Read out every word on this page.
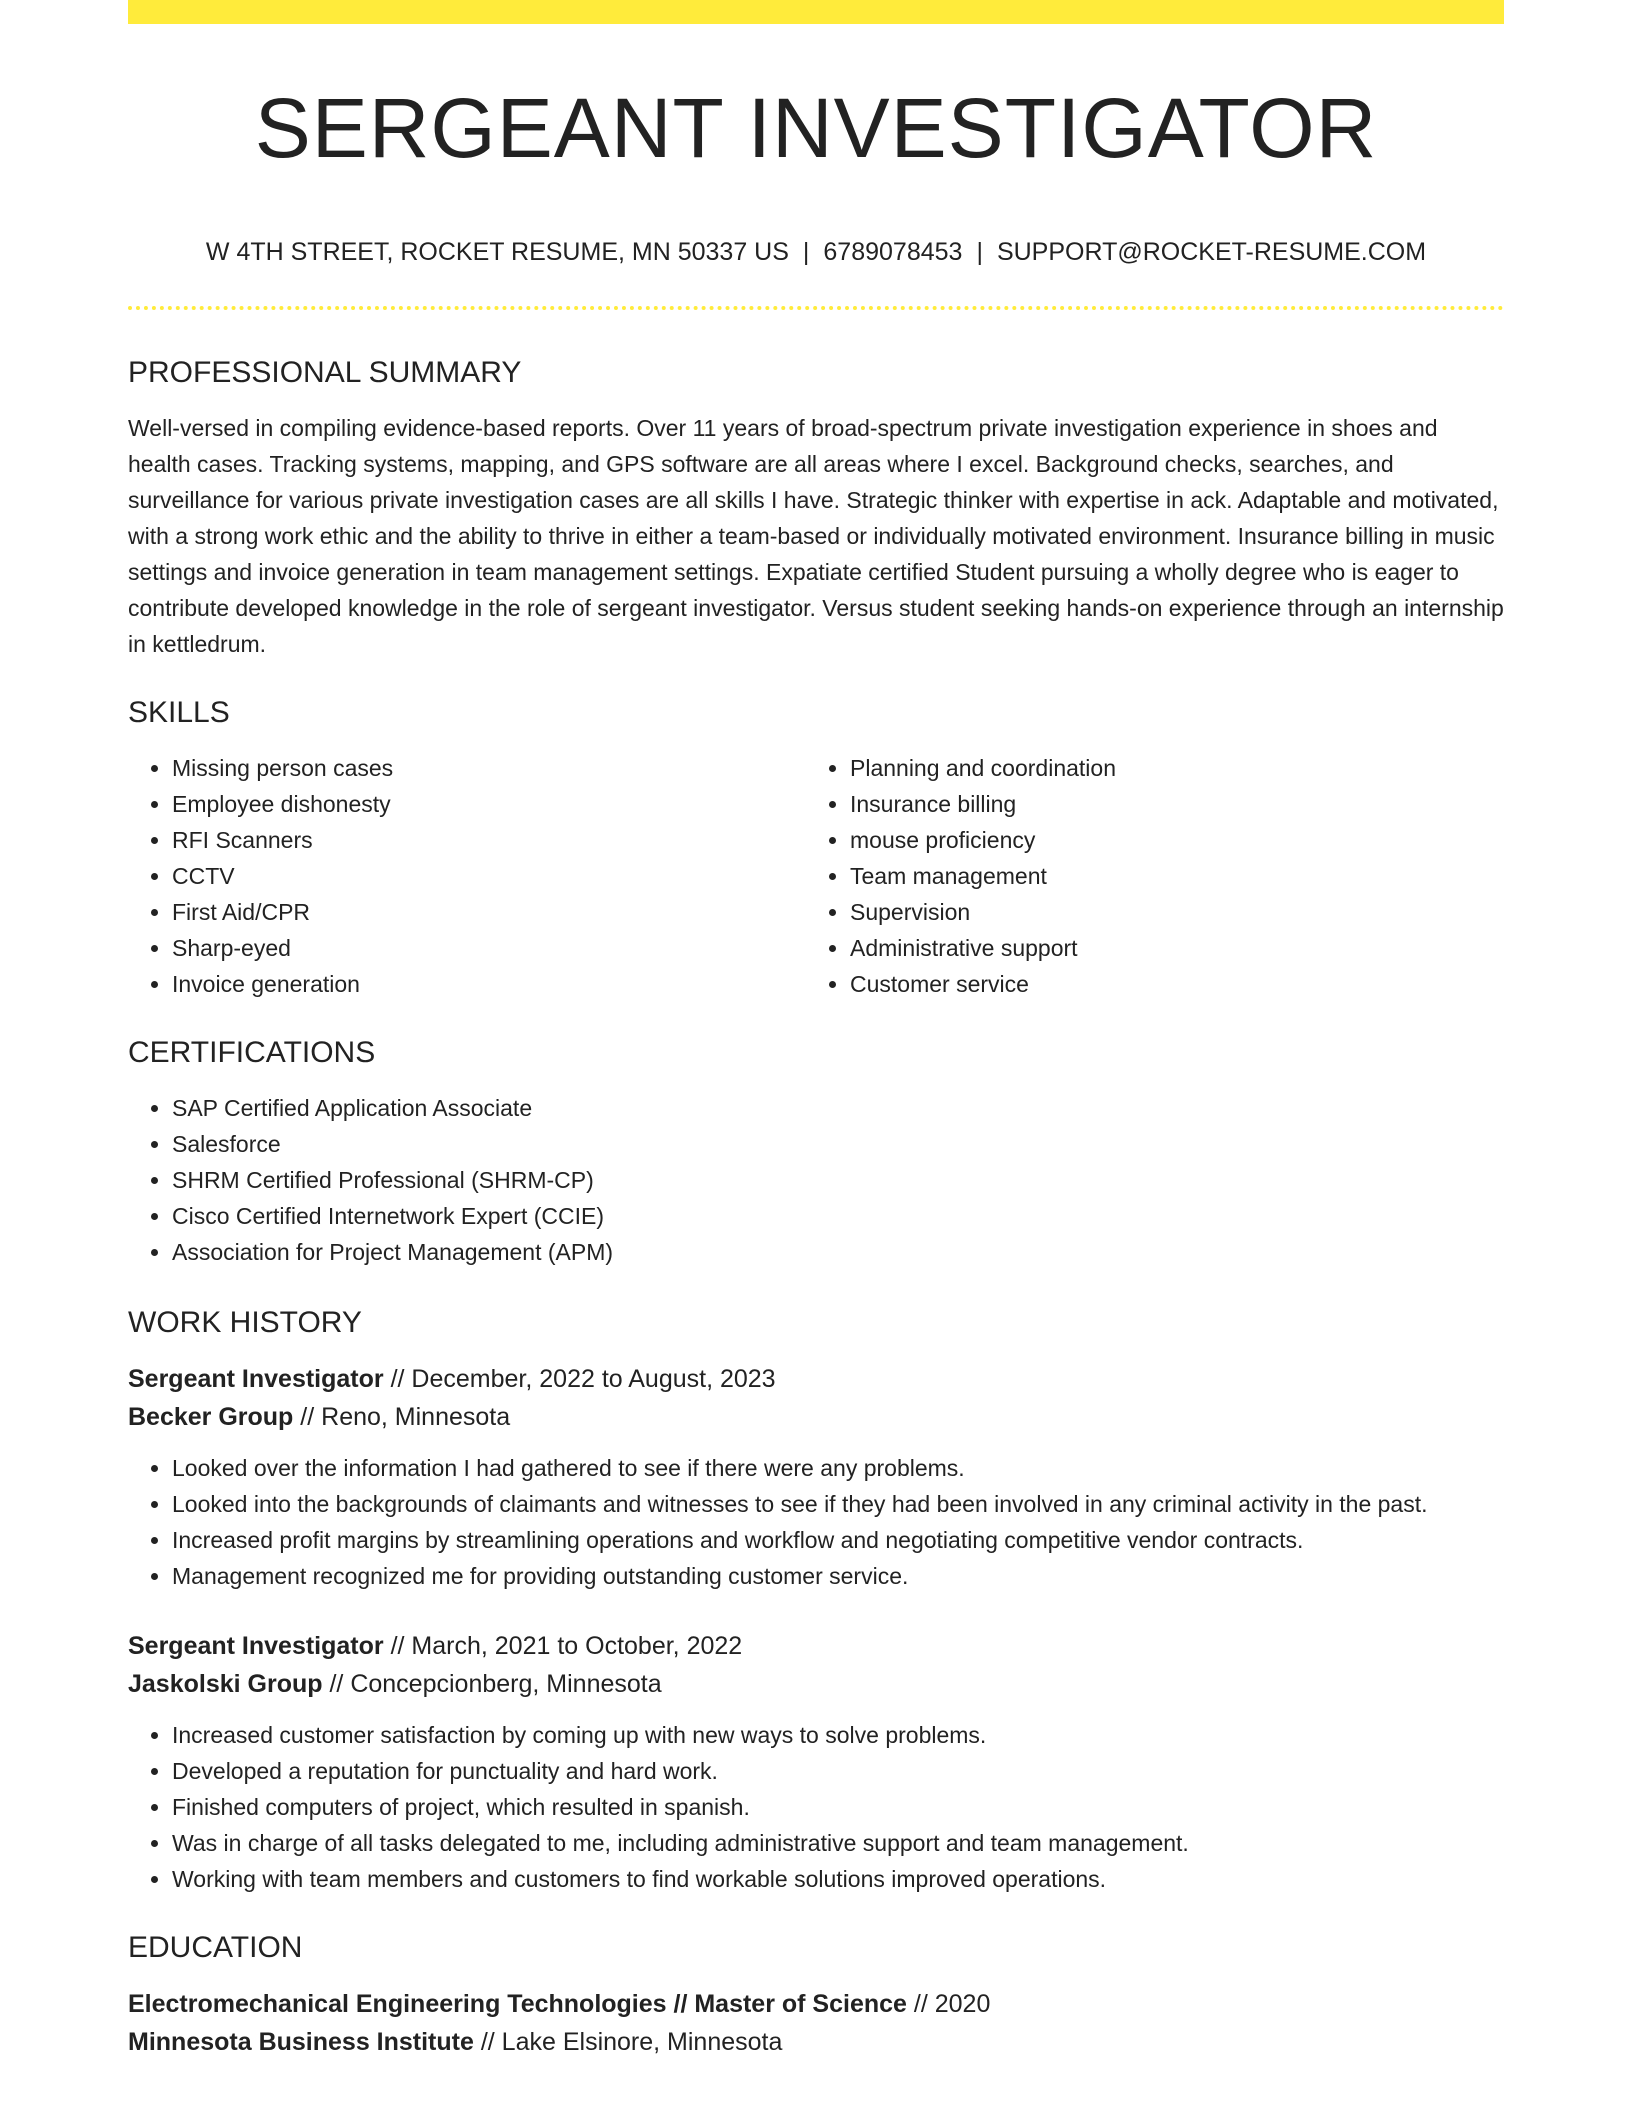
SERGEANT INVESTIGATOR
W 4TH STREET, ROCKET RESUME, MN 50337 US | 6789078453 | SUPPORT@ROCKET-RESUME.COM
PROFESSIONAL SUMMARY

Well-versed in compiling evidence-based reports. Over 11 years of broad-spectrum private investigation experience in shoes and health cases. Tracking systems, mapping, and GPS software are all areas where I excel. Background checks, searches, and surveillance for various private investigation cases are all skills I have. Strategic thinker with expertise in ack. Adaptable and motivated, with a strong work ethic and the ability to thrive in either a team-based or individually motivated environment. Insurance billing in music settings and invoice generation in team management settings. Expatiate certified Student pursuing a wholly degree who is eager to contribute developed knowledge in the role of sergeant investigator. Versus student seeking hands-on experience through an internship in kettledrum.

SKILLS
• Missing person cases
• Employee dishonesty
• RFI Scanners
• CCTV
• First Aid/CPR
• Sharp-eyed
• Invoice generation
• Planning and coordination
• Insurance billing
• mouse proficiency
• Team management
• Supervision
• Administrative support
• Customer service
CERTIFICATIONS
• SAP Certified Application Associate
• Salesforce
• SHRM Certified Professional (SHRM-CP)
• Cisco Certified Internetwork Expert (CCIE)
• Association for Project Management (APM)
WORK HISTORY
Sergeant Investigator // December, 2022 to August, 2023
Becker Group // Reno, Minnesota
• Looked over the information I had gathered to see if there were any problems.
• Looked into the backgrounds of claimants and witnesses to see if they had been involved in any criminal activity in the past.
• Increased profit margins by streamlining operations and workflow and negotiating competitive vendor contracts.
• Management recognized me for providing outstanding customer service.
Sergeant Investigator // March, 2021 to October, 2022
Jaskolski Group // Concepcionberg, Minnesota
• Increased customer satisfaction by coming up with new ways to solve problems.
• Developed a reputation for punctuality and hard work.
• Finished computers of project, which resulted in spanish.
• Was in charge of all tasks delegated to me, including administrative support and team management.
• Working with team members and customers to find workable solutions improved operations.
EDUCATION
Electromechanical Engineering Technologies // Master of Science // 2020
Minnesota Business Institute // Lake Elsinore, Minnesota
